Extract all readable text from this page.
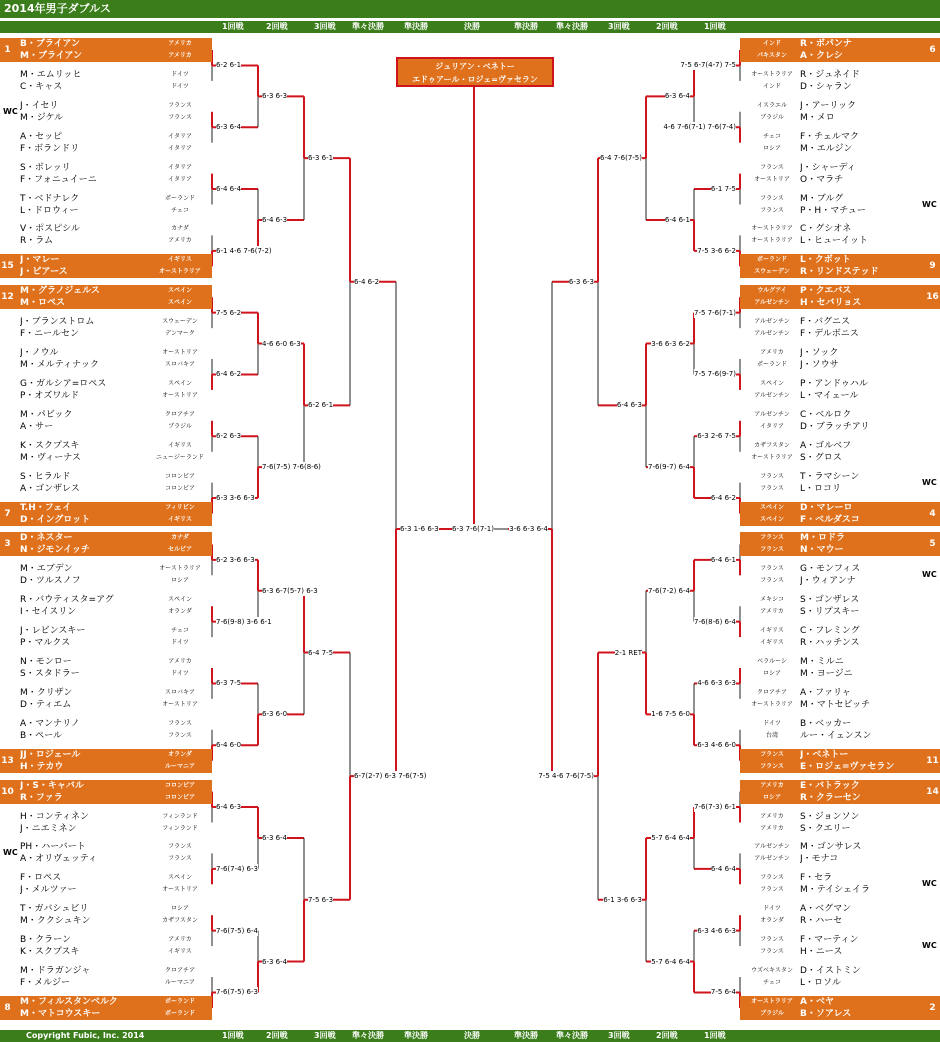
2014年男子ダブルス
1回戦	2回戦	3回戦 準々決勝	準決勝	決勝	準決勝 準々決勝	3回戦	2回戦	1回戦
Copyright Fubic, Inc. 2014	1回戦	2回戦	3回戦 準々決勝	準決勝	決勝	準決勝 準々決勝	3回戦	2回戦	1回戦
1
B・ブライアン	アメリカ
M・ブライアン	アメリカ
M・エムリッヒ	ドイツ
C・キャス	ドイツ
WC
J・イセリ	フランス
M・ジケル	フランス
A・セッピ	イタリア
F・ボランドリ	イタリア
S・ボレッリ	イタリア
F・フォニュイーニ	イタリア
T・ベドナレク	ポーランド
L・ドロウィー	チェコ
V・ポスピシル	カナダ
R・ラム	アメリカ
15
J・マレー	イギリス
J・ピアース	オーストラリア
12
M・グラノジェルス	スペイン
M・ロペス	スペイン
J・ブランストロム	スウェーデン
F・ニールセン	デンマーク
J・ノウル	オーストリア
M・メルティナック	スロバキア
G・ガルシア=ロペス	スペイン
P・オズワルド	オーストリア
M・パビック	クロアチア
A・サー	ブラジル
K・スクプスキ	イギリス
M・ヴィーナス	ニュージーランド
S・ヒラルド	コロンビア
A・ゴンザレス	コロンビア
7
T.H・フェイ	フィリピン
D・イングロット	イギリス
3
D・ネスター	カナダ
N・ジモンイッチ	セルビア
M・エブデン	オーストラリア
D・ツルスノフ	ロシア
R・バウティスタ=アグ	スペイン
I・セイスリン	オランダ
J・レビンスキー	チェコ
P・マルクス	ドイツ
N・モンロー	アメリカ
S・スタドラー	ドイツ
M・クリザン	スロバキア
D・ティエム	オーストリア
A・マンナリノ	フランス
B・ペール	フランス
13
JJ・ロジェール	オランダ
H・テカウ	ルーマニア
10
J・S・キャバル	コロンビア
R・ファラ	コロンビア
H・コンティネン	フィンランド
J・ニエミネン	フィンランド
WC
PH・ハーバート	フランス
A・オリヴェッティ	フランス
F・ロペス	スペイン
J・メルツァー	オーストリア
T・ガバシュビリ	ロシア
M・ククシュキン	カザフスタン
B・クラーン	アメリカ
K・スクプスキ	イギリス
M・ドラガンジャ	クロアチア
F・メルジー	ルーマニア
8
M・フィルスタンベルク	ポーランド
M・マトコウスキー	ポーランド
6
R・ボパンナ
インド
A・クレシ
パキスタン
R・ジュネイド
オーストラリア
D・シャラン
インド
J・アーリック
イスラエル
M・メロ
ブラジル
F・チェルマク
チェコ
M・エルジン
ロシア
J・シャーディ
フランス
O・マラチ
オーストリア
WC
M・ブルグ
フランス
P・H・マチュー
フランス
C・グシオネ
オーストラリア
L・ヒューイット
オーストラリア
9
L・クボット
ポーランド
R・リンドステッド
スウェーデン
16
P・クエバス
ウルグアイ
H・セバリョス
アルゼンチン
F・バグニス
アルゼンチン
F・デルボニス
アルゼンチン
J・ソック
アメリカ
J・ソウサ
ポーランド
P・アンドゥハル
スペイン
L・マイェール
アルゼンチン
C・ベルロク
アルゼンチン
D・ブラッチアリ
イタリア
A・ゴルベフ
カザフスタン
S・グロス
オーストラリア
WC
T・ラマシーン
フランス
L・ロコリ
フランス
4
D・マレーロ
スペイン
F・ベルダスコ
スペイン
5
M・ロドラ
フランス
N・マウー
フランス
WC
G・モンフィス
フランス
J・ウィアンナ
フランス
S・ゴンザレス
メキシコ
S・リプスキー
アメリカ
C・フレミング
イギリス
R・ハッチンス
イギリス
M・ミルニ
ベラルーシ
M・ヨージニ
ロシア
A・ファリャ
クロアチア
M・マトセビッチ
オーストラリア
B・ベッカー
ドイツ
ルー・イェンスン
台湾
11
J・ベネトー
フランス
E・ロジェ=ヴァセラン
フランス
14
E・バトラック
アメリカ
R・クラーセン
ロシア
S・ジョンソン
アメリカ
S・クエリー
アメリカ
M・ゴンサレス
アルゼンチン
J・モナコ
アルゼンチン
WC
F・セラ
フランス
M・テイシェイラ
フランス
A・ベグマン
ドイツ
R・ハーセ
オランダ
WC
F・マーティン
フランス
H・ニース
フランス
D・イストミン
ウズベキスタン
L・ロソル
チェコ
2
A・ベヤ
オーストラリア
B・ソアレス
ブラジル
6-2 6-1
6-3 6-4
6-4 6-4
6-1 4-6 7-6(7-2)
7-5 6-2
6-4 6-2
6-2 6-3
6-3 3-6 6-3
6-2 3-6 6-3
7-6(9-8) 3-6 6-1
6-3 7-5
6-4 6-0
6-4 6-3
7-6(7-4) 6-3
7-6(7-5) 6-4
7-6(7-5) 6-3
6-3 6-3
6-4 6-3
4-6 6-0 6-3
7-6(7-5) 7-6(8-6)
6-3 6-7(5-7) 6-3
6-3 6-0
6-3 6-4
6-3 6-4
6-3 6-1
6-2 6-1
6-4 7-5
7-5 6-3
6-4 6-2
6-7(2-7) 6-3 7-6(7-5)
6-3 1-6 6-3
7-5 6-7(4-7) 7-5
4-6 7-6(7-1) 7-6(7-4)
6-1 7-5
7-5 3-6 6-2
7-5 7-6(7-1)
7-5 7-6(9-7)
6-3 2-6 7-5
6-4 6-2
6-4 6-1
7-6(8-6) 6-4
4-6 6-3 6-3
6-3 4-6 6-0
7-6(7-3) 6-1
6-4 6-4
6-3 4-6 6-3
7-5 6-4
6-3 6-4
6-4 6-1
3-6 6-3 6-2
7-6(9-7) 6-4
7-6(7-2) 6-4
1-6 7-5 6-0
5-7 6-4 6-4
5-7 6-4 6-4
6-4 7-6(7-5)
6-4 6-3
2-1 RET
6-1 3-6 6-3
6-3 6-3
7-5 4-6 7-6(7-5)
3-6 6-3 6-4
6-3 7-6(7-1)
ジュリアン・ベネトー
エドゥアール・ロジェ=ヴァセラン
